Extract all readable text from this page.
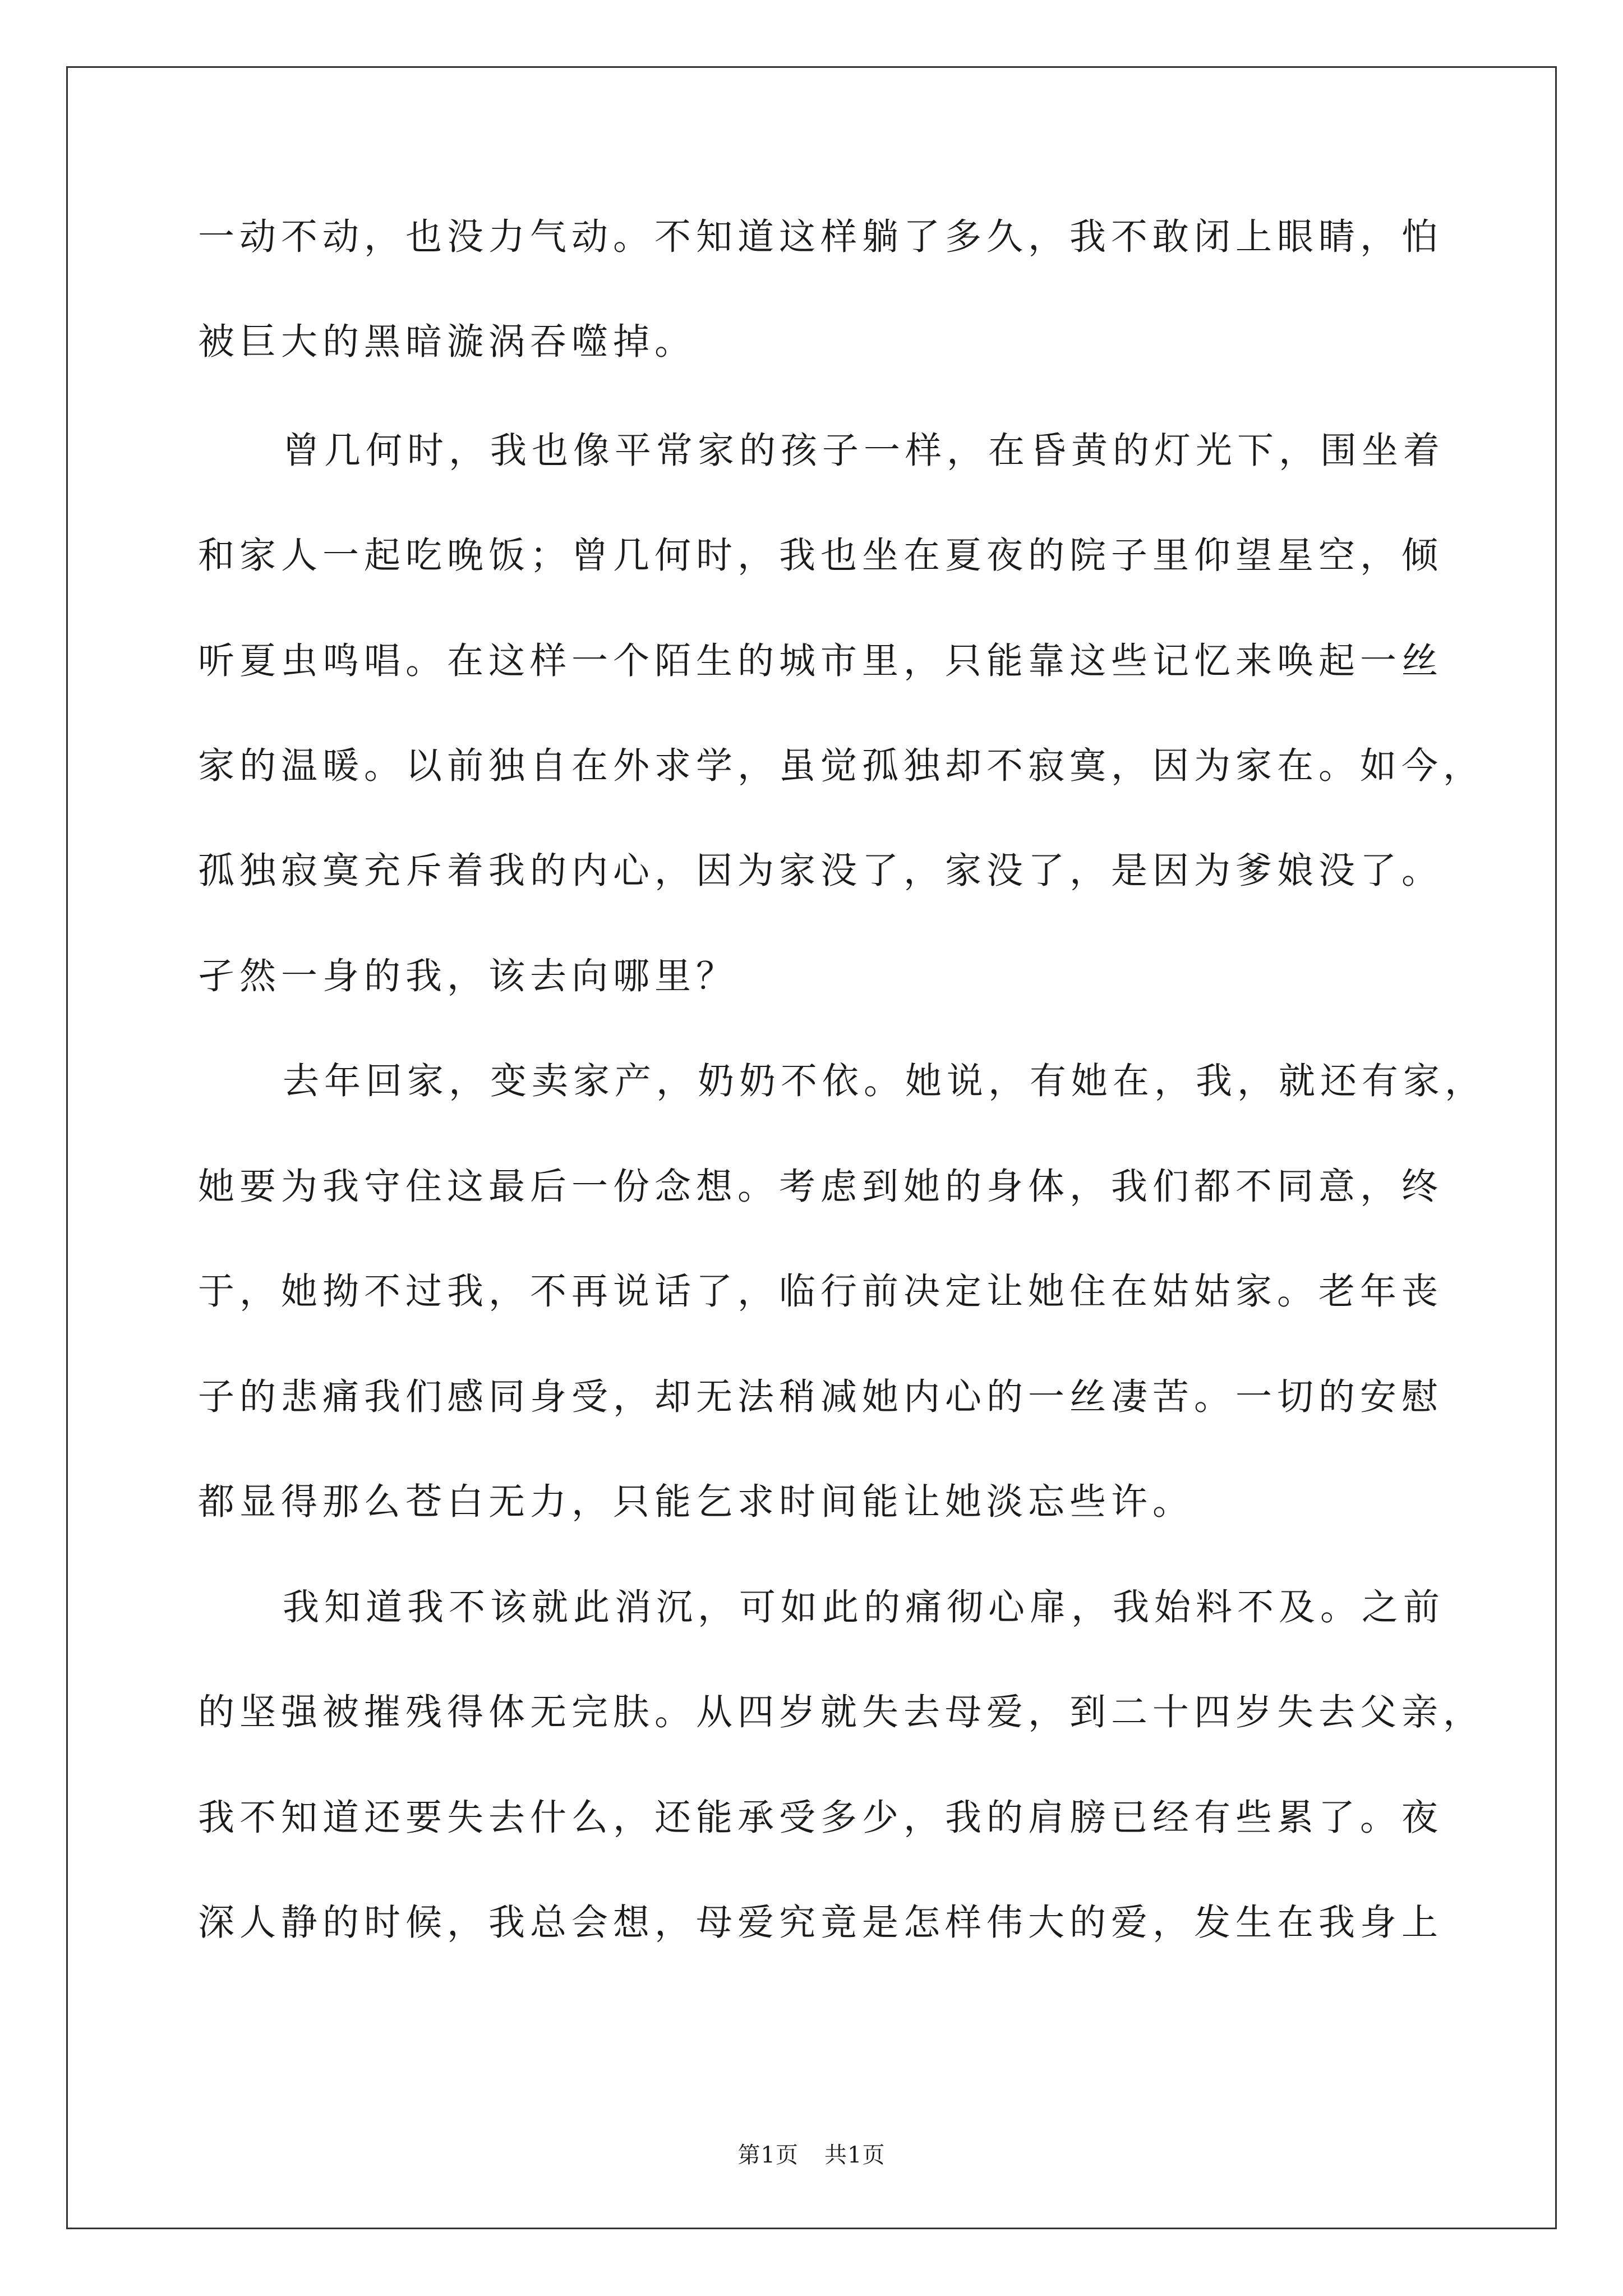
一动不动，也没力气动。不知道这样躺了多久，我不敢闭上眼睛，怕
被巨大的黑暗漩涡吞噬掉。
曾几何时，我也像平常家的孩子一样，在昏黄的灯光下，围坐着
和家人一起吃晚饭；曾几何时，我也坐在夏夜的院子里仰望星空，倾
听夏虫鸣唱。在这样一个陌生的城市里，只能靠这些记忆来唤起一丝
家的温暖。以前独自在外求学，虽觉孤独却不寂寞，因为家在。如今，
孤独寂寞充斥着我的内心，因为家没了，家没了，是因为爹娘没了。
孑然一身的我，该去向哪里？
去年回家，变卖家产，奶奶不依。她说，有她在，我，就还有家，
她要为我守住这最后一份念想。考虑到她的身体，我们都不同意，终
于，她拗不过我，不再说话了，临行前决定让她住在姑姑家。老年丧
子的悲痛我们感同身受，却无法稍减她内心的一丝凄苦。一切的安慰
都显得那么苍白无力，只能乞求时间能让她淡忘些许。
我知道我不该就此消沉，可如此的痛彻心扉，我始料不及。之前
的坚强被摧残得体无完肤。从四岁就失去母爱，到二十四岁失去父亲，
我不知道还要失去什么，还能承受多少，我的肩膀已经有些累了。夜
深人静的时候，我总会想，母爱究竟是怎样伟大的爱，发生在我身上
第1页 共1页
